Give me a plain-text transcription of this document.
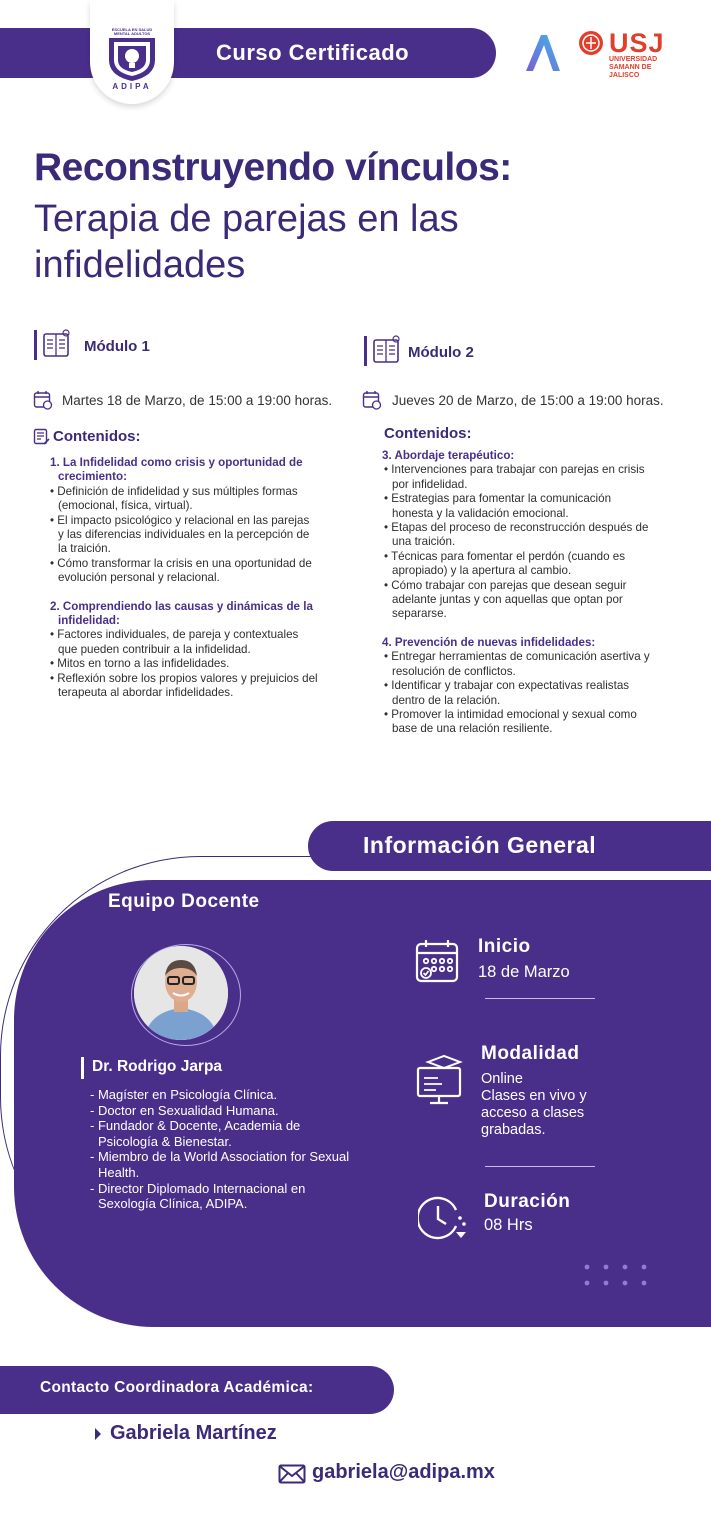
Curso Certificado
ESCUELA EN SALUD MENTAL ADULTOS
ADIPA
USJ
UNIVERSIDAD SAMANN DE JALISCO
Reconstruyendo vínculos:
Terapia de parejas en las infidelidades
Módulo 1
Martes 18 de Marzo, de 15:00 a 19:00 horas.
Contenidos:
1. La Infidelidad como crisis y oportunidad de crecimiento:
• Definición de infidelidad y sus múltiples formas (emocional, física, virtual).
• El impacto psicológico y relacional en las parejas y las diferencias individuales en la percepción de la traición.
• Cómo transformar la crisis en una oportunidad de evolución personal y relacional.
2. Comprendiendo las causas y dinámicas de la infidelidad:
• Factores individuales, de pareja y contextuales que pueden contribuir a la infidelidad.
• Mitos en torno a las infidelidades.
• Reflexión sobre los propios valores y prejuicios del terapeuta al abordar infidelidades.
Módulo 2
Jueves 20 de Marzo, de 15:00 a 19:00 horas.
Contenidos:
3. Abordaje terapéutico:
• Intervenciones para trabajar con parejas en crisis por infidelidad.
• Estrategias para fomentar la comunicación honesta y la validación emocional.
• Etapas del proceso de reconstrucción después de una traición.
• Técnicas para fomentar el perdón (cuando es apropiado) y la apertura al cambio.
• Cómo trabajar con parejas que desean seguir adelante juntas y con aquellas que optan por separarse.
4. Prevención de nuevas infidelidades:
• Entregar herramientas de comunicación asertiva y resolución de conflictos.
• Identificar y trabajar con expectativas realistas dentro de la relación.
• Promover la intimidad emocional y sexual como base de una relación resiliente.
Información General
Equipo Docente
Dr. Rodrigo Jarpa
- Magíster en Psicología Clínica.
- Doctor en Sexualidad Humana.
- Fundador & Docente, Academia de Psicología & Bienestar.
- Miembro de la World Association for Sexual Health.
- Director Diplomado Internacional en Sexología Clínica, ADIPA.
Inicio
18 de Marzo
Modalidad
Online
Clases en vivo y acceso a clases grabadas.
Duración
08 Hrs
Contacto Coordinadora Académica:
Gabriela Martínez
gabriela@adipa.mx
